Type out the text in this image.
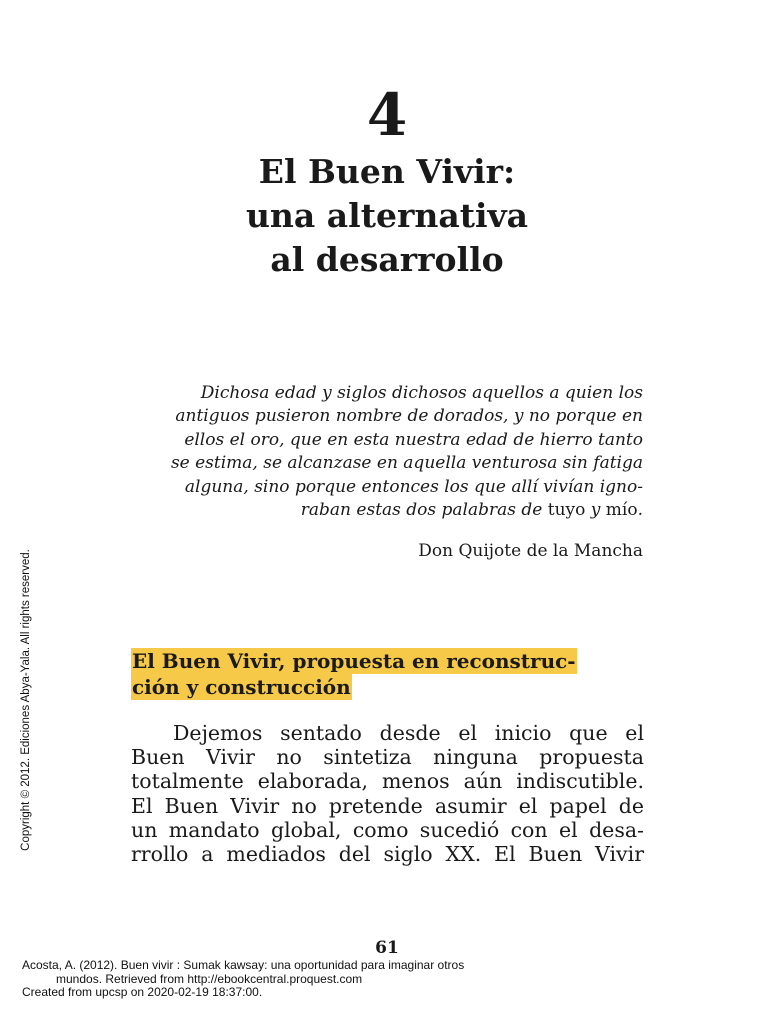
4
El Buen Vivir:
una alternativa
al desarrollo
Dichosa edad y siglos dichosos aquellos a quien los
antiguos pusieron nombre de dorados, y no porque en
ellos el oro, que en esta nuestra edad de hierro tanto
se estima, se alcanzase en aquella venturosa sin fatiga
alguna, sino porque entonces los que allí vivían igno-
raban estas dos palabras de tuyo y mío.
Don Quijote de la Mancha
El Buen Vivir, propuesta en reconstruc-
ción y construcción
Dejemos sentado desde el inicio que el
Buen Vivir no sintetiza ninguna propuesta
totalmente elaborada, menos aún indiscutible.
El Buen Vivir no pretende asumir el papel de
un mandato global, como sucedió con el desa-
rrollo a mediados del siglo XX. El Buen Vivir
61
Copyright © 2012. Ediciones Abya-Yala. All rights reserved.
Acosta, A. (2012). Buen vivir : Sumak kawsay: una oportunidad para imaginar otros
mundos. Retrieved from http://ebookcentral.proquest.com
Created from upcsp on 2020-02-19 18:37:00.
